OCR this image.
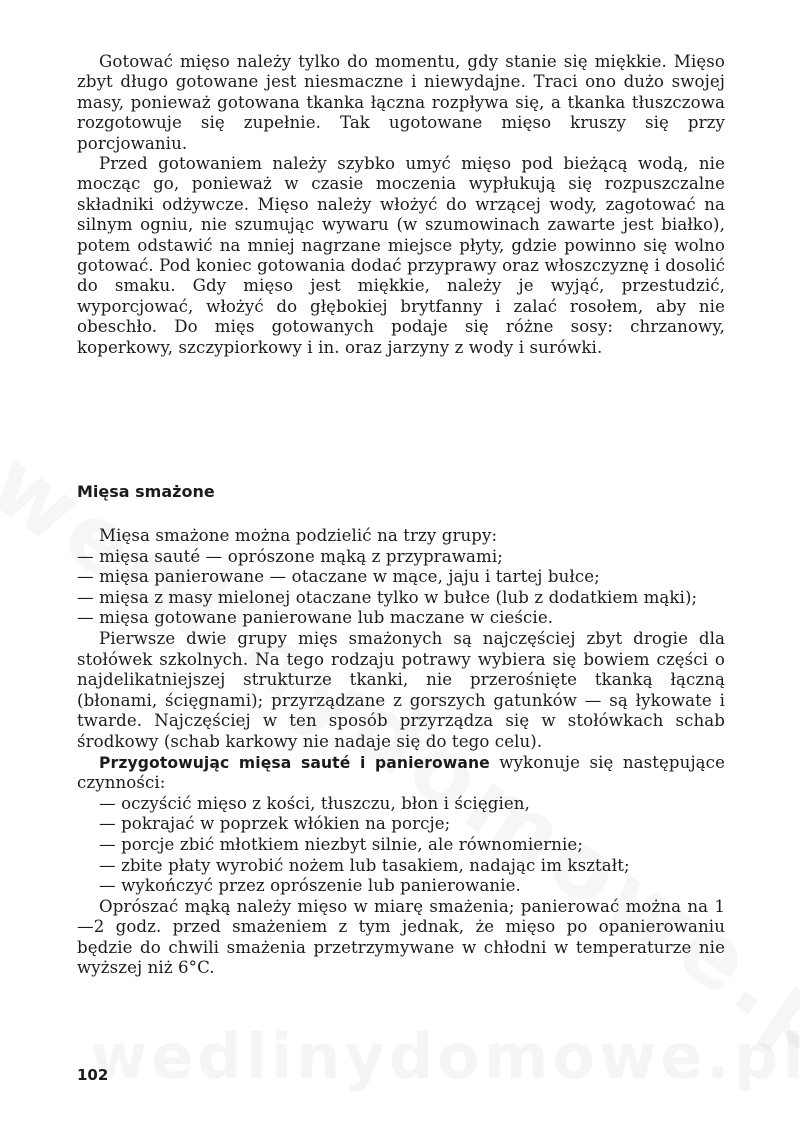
Gotować mięso należy tylko do momentu, gdy stanie się miękkie. Mięso zbyt długo gotowane jest niesmaczne i niewydajne. Traci ono dużo swojej masy, ponieważ gotowana tkanka łączna rozpływa się, a tkanka tłuszczowa rozgotowuje się zupełnie. Tak ugotowane mięso kruszy się przy porcjowaniu.

Przed gotowaniem należy szybko umyć mięso pod bieżącą wodą, nie mocząc go, ponieważ w czasie moczenia wypłukują się rozpuszczalne składniki odżywcze. Mięso należy włożyć do wrzącej wody, zagotować na silnym ogniu, nie szumując wywaru (w szumowinach zawarte jest białko), potem odstawić na mniej nagrzane miejsce płyty, gdzie powinno się wolno gotować. Pod koniec gotowania dodać przyprawy oraz włoszczyznę i dosolić do smaku. Gdy mięso jest miękkie, należy je wyjąć, przestudzić, wyporcjować, włożyć do głębokiej brytfanny i zalać rosołem, aby nie obeschło. Do mięs gotowanych podaje się różne sosy: chrzanowy, koperkowy, szczypiorkowy i in. oraz jarzyny z wody i surówki.

Mięsa smażone

Mięsa smażone można podzielić na trzy grupy:

— mięsa sauté — oprószone mąką z przyprawami;
— mięsa panierowane — otaczane w mące, jaju i tartej bułce;
— mięsa z masy mielonej otaczane tylko w bułce (lub z dodatkiem mąki);
— mięsa gotowane panierowane lub maczane w cieście.

Pierwsze dwie grupy mięs smażonych są najczęściej zbyt drogie dla stołówek szkolnych. Na tego rodzaju potrawy wybiera się bowiem części o najdelikatniejszej strukturze tkanki, nie przerośnięte tkanką łączną (błonami, ścięgnami); przyrządzane z gorszych gatunków — są łykowate i twarde. Najczęściej w ten sposób przyrządza się w stołówkach schab środkowy (schab karkowy nie nadaje się do tego celu).

Przygotowując mięsa sauté i panierowane wykonuje się następujące czynności:

— oczyścić mięso z kości, tłuszczu, błon i ścięgien,
— pokrajać w poprzek włókien na porcje;
— porcje zbić młotkiem niezbyt silnie, ale równomiernie;
— zbite płaty wyrobić nożem lub tasakiem, nadając im kształt;
— wykończyć przez oprószenie lub panierowanie.

Oprószać mąką należy mięso w miarę smażenia; panierować można na 1—2 godz. przed smażeniem z tym jednak, że mięso po opanierowaniu będzie do chwili smażenia przetrzymywane w chłodni w temperaturze nie wyższej niż 6°C.

102
